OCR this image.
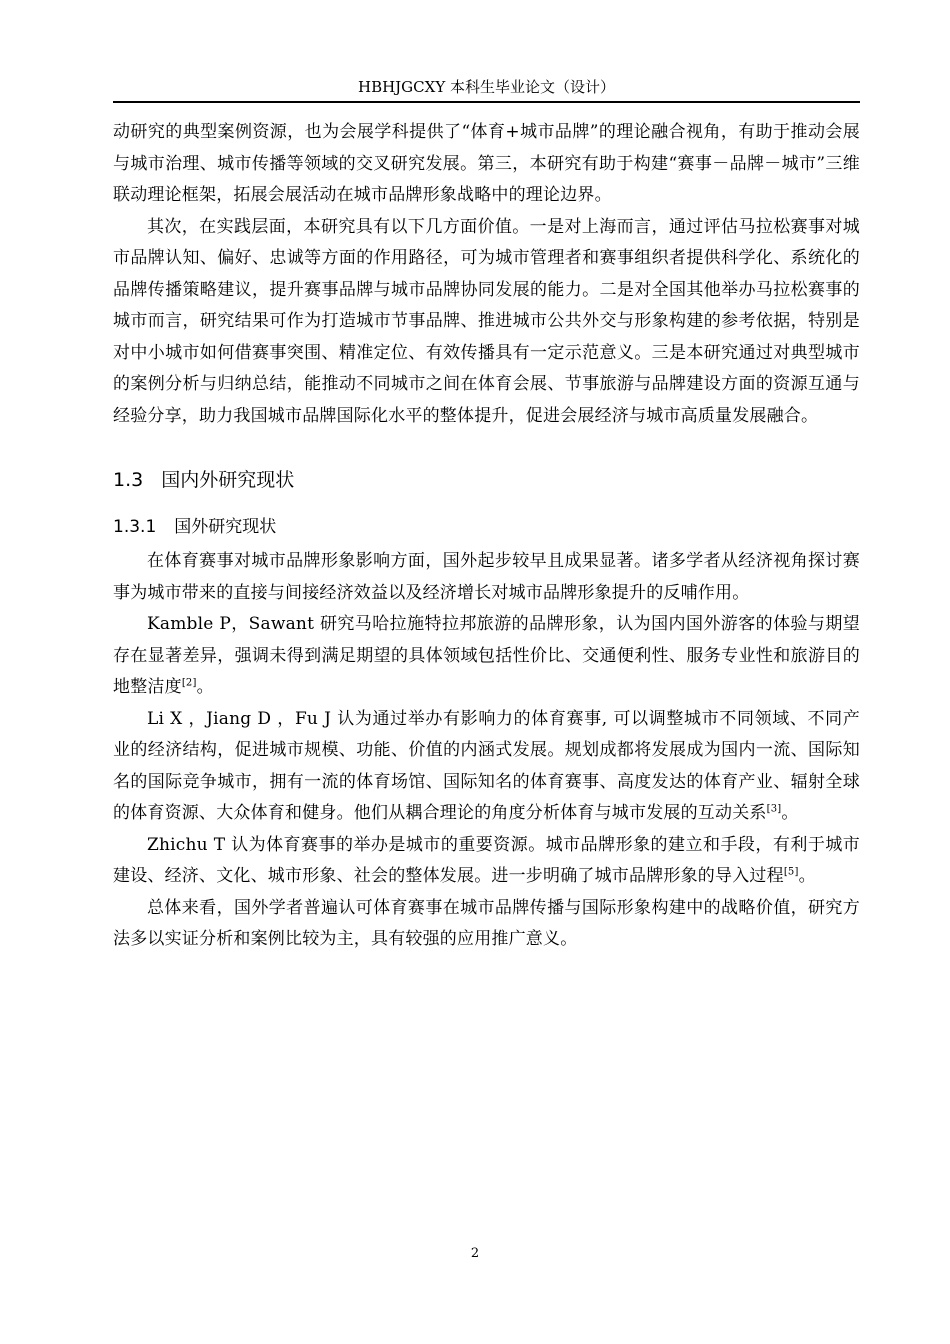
HBHJGCXY 本科生毕业论文（设计）

动研究的典型案例资源，也为会展学科提供了“体育+城市品牌”的理论融合视角，有助于推动会展与城市治理、城市传播等领域的交叉研究发展。第三，本研究有助于构建“赛事－品牌－城市”三维联动理论框架，拓展会展活动在城市品牌形象战略中的理论边界。

其次，在实践层面，本研究具有以下几方面价值。一是对上海而言，通过评估马拉松赛事对城市品牌认知、偏好、忠诚等方面的作用路径，可为城市管理者和赛事组织者提供科学化、系统化的品牌传播策略建议，提升赛事品牌与城市品牌协同发展的能力。二是对全国其他举办马拉松赛事的城市而言，研究结果可作为打造城市节事品牌、推进城市公共外交与形象构建的参考依据，特别是对中小城市如何借赛事突围、精准定位、有效传播具有一定示范意义。三是本研究通过对典型城市的案例分析与归纳总结，能推动不同城市之间在体育会展、节事旅游与品牌建设方面的资源互通与经验分享，助力我国城市品牌国际化水平的整体提升，促进会展经济与城市高质量发展融合。

1.3 国内外研究现状
1.3.1 国外研究现状

在体育赛事对城市品牌形象影响方面，国外起步较早且成果显著。诸多学者从经济视角探讨赛事为城市带来的直接与间接经济效益以及经济增长对城市品牌形象提升的反哺作用。

Kamble P，Sawant 研究马哈拉施特拉邦旅游的品牌形象，认为国内国外游客的体验与期望存在显著差异，强调未得到满足期望的具体领域包括性价比、交通便利性、服务专业性和旅游目的地整洁度[2]。

Li X ，Jiang D ，Fu J 认为通过举办有影响力的体育赛事, 可以调整城市不同领域、不同产业的经济结构，促进城市规模、功能、价值的内涵式发展。规划成都将发展成为国内一流、国际知名的国际竞争城市，拥有一流的体育场馆、国际知名的体育赛事、高度发达的体育产业、辐射全球的体育资源、大众体育和健身。他们从耦合理论的角度分析体育与城市发展的互动关系[3]。

Zhichu T 认为体育赛事的举办是城市的重要资源。城市品牌形象的建立和手段，有利于城市建设、经济、文化、城市形象、社会的整体发展。进一步明确了城市品牌形象的导入过程[5]。

总体来看，国外学者普遍认可体育赛事在城市品牌传播与国际形象构建中的战略价值，研究方法多以实证分析和案例比较为主，具有较强的应用推广意义。

2
